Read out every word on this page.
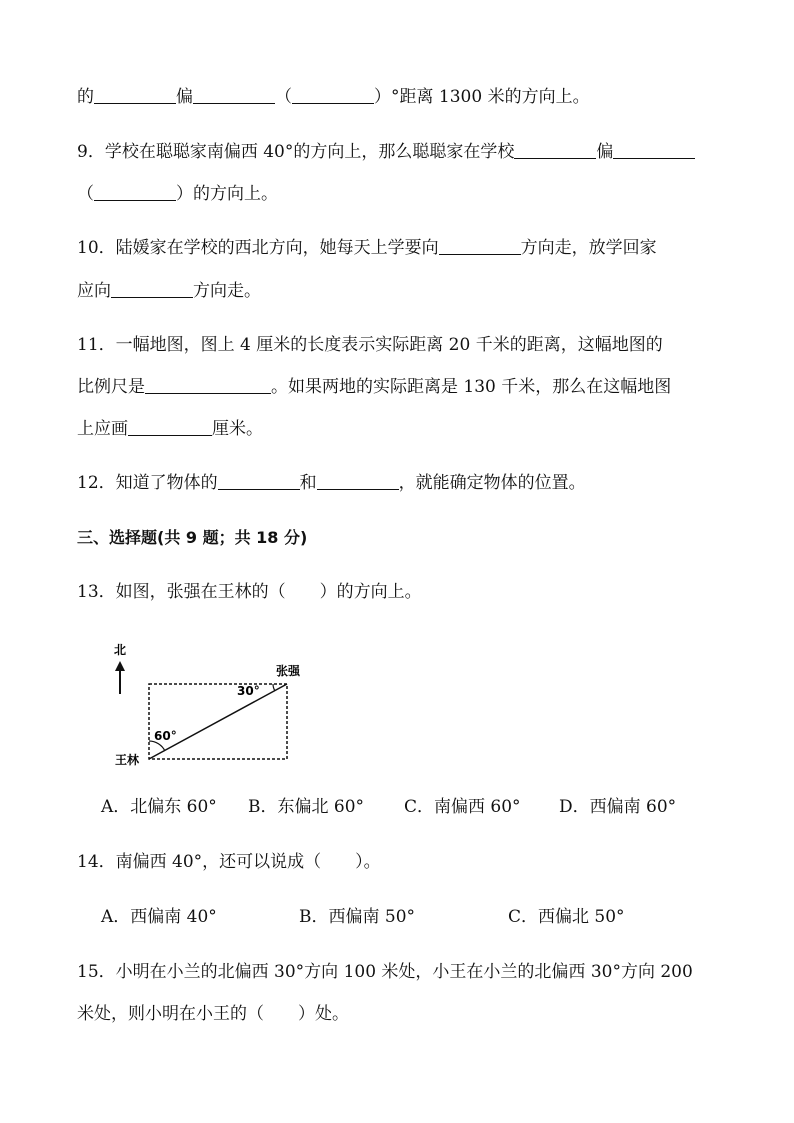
的	偏	（	）°距离 1300 米的方向上。
9．学校在聪聪家南偏西 40°的方向上，那么聪聪家在学校	偏
（	）的方向上。
10．陆媛家在学校的西北方向，她每天上学要向	方向走，放学回家
应向	方向走。
11．一幅地图，图上 4 厘米的长度表示实际距离 20 千米的距离，这幅地图的
比例尺是	。如果两地的实际距离是 130 千米，那么在这幅地图
上应画	厘米。
12．知道了物体的	和	，就能确定物体的位置。
三、选择题(共 9 题；共 18 分)
13．如图，张强在王林的（　　）的方向上。
北
30°
60°
张强
王林
A．北偏东 60° B．东偏北 60° C．南偏西 60° D．西偏南 60°
14．南偏西 40°，还可以说成（　　）。
A．西偏南 40°	B．西偏南 50°	C．西偏北 50°
15．小明在小兰的北偏西 30°方向 100 米处，小王在小兰的北偏西 30°方向 200
米处，则小明在小王的（　　）处。
